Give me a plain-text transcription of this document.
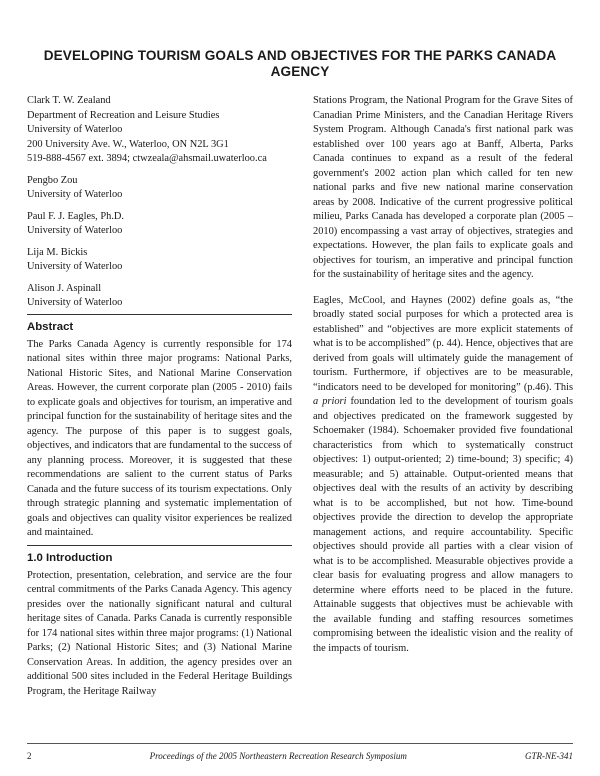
DEVELOPING TOURISM GOALS AND OBJECTIVES FOR THE PARKS CANADA AGENCY
Clark T. W. Zealand
Department of Recreation and Leisure Studies
University of Waterloo
200 University Ave. W., Waterloo, ON N2L 3G1
519-888-4567 ext. 3894; ctwzeala@ahsmail.uwaterloo.ca
Pengbo Zou
University of Waterloo
Paul F. J. Eagles, Ph.D.
University of Waterloo
Lija M. Bickis
University of Waterloo
Alison J. Aspinall
University of Waterloo
Abstract

The Parks Canada Agency is currently responsible for 174 national sites within three major programs: National Parks, National Historic Sites, and National Marine Conservation Areas. However, the current corporate plan (2005 - 2010) fails to explicate goals and objectives for tourism, an imperative and principal function for the sustainability of heritage sites and the agency. The purpose of this paper is to suggest goals, objectives, and indicators that are fundamental to the success of any planning process. Moreover, it is suggested that these recommendations are salient to the current status of Parks Canada and the future success of its tourism expectations. Only through strategic planning and systematic implementation of goals and objectives can quality visitor experiences be realized and maintained.

1.0 Introduction

Protection, presentation, celebration, and service are the four central commitments of the Parks Canada Agency. This agency presides over the nationally significant natural and cultural heritage sites of Canada. Parks Canada is currently responsible for 174 national sites within three major programs: (1) National Parks; (2) National Historic Sites; and (3) National Marine Conservation Areas. In addition, the agency presides over an additional 500 sites included in the Federal Heritage Buildings Program, the Heritage Railway

Stations Program, the National Program for the Grave Sites of Canadian Prime Ministers, and the Canadian Heritage Rivers System Program. Although Canada's first national park was established over 100 years ago at Banff, Alberta, Parks Canada continues to expand as a result of the federal government's 2002 action plan which called for ten new national parks and five new national marine conservation areas by 2008. Indicative of the current progressive political milieu, Parks Canada has developed a corporate plan (2005 – 2010) encompassing a vast array of objectives, strategies and expectations. However, the plan fails to explicate goals and objectives for tourism, an imperative and principal function for the sustainability of heritage sites and the agency.

Eagles, McCool, and Haynes (2002) define goals as, “the broadly stated social purposes for which a protected area is established” and “objectives are more explicit statements of what is to be accomplished” (p. 44). Hence, objectives that are derived from goals will ultimately guide the management of tourism. Furthermore, if objectives are to be measurable, “indicators need to be developed for monitoring” (p.46). This a priori foundation led to the development of tourism goals and objectives predicated on the framework suggested by Schoemaker (1984). Schoemaker provided five foundational characteristics from which to systematically construct objectives: 1) output-oriented; 2) time-bound; 3) specific; 4) measurable; and 5) attainable. Output-oriented means that objectives deal with the results of an activity by describing what is to be accomplished, but not how. Time-bound objectives provide the direction to develop the appropriate management actions, and require accountability. Specific objectives should provide all parties with a clear vision of what is to be accomplished. Measurable objectives provide a clear basis for evaluating progress and allow managers to determine where efforts need to be placed in the future. Attainable suggests that objectives must be achievable with the available funding and staffing resources sometimes compromising between the idealistic vision and the reality of the impacts of tourism.

2	Proceedings of the 2005 Northeastern Recreation Research Symposium	GTR-NE-341
